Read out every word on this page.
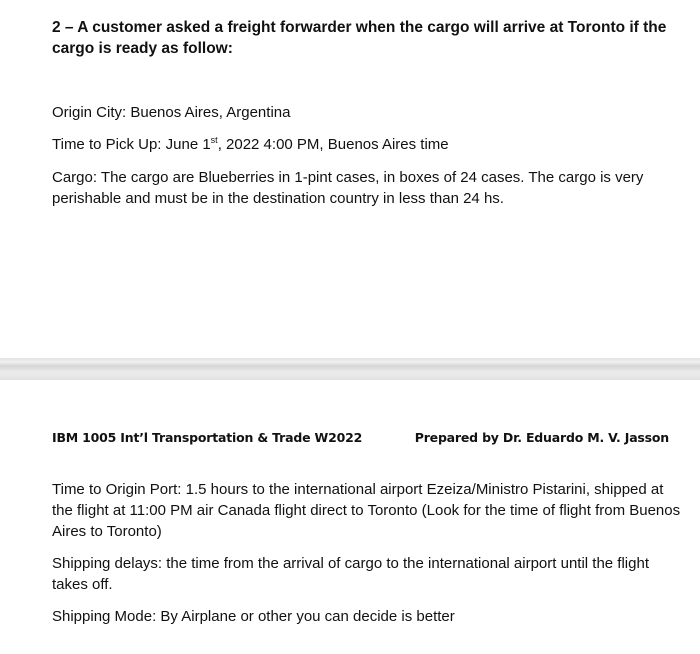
2 – A customer asked a freight forwarder when the cargo will arrive at Toronto if the cargo is ready as follow:
Origin City: Buenos Aires, Argentina
Time to Pick Up: June 1st, 2022 4:00 PM, Buenos Aires time
Cargo: The cargo are Blueberries in 1-pint cases, in boxes of 24 cases. The cargo is very perishable and must be in the destination country in less than 24 hs.
IBM 1005 Int’l Transportation & Trade W2022	Prepared by Dr. Eduardo M. V. Jasson
Time to Origin Port: 1.5 hours to the international airport Ezeiza/Ministro Pistarini, shipped at the flight at 11:00 PM air Canada flight direct to Toronto (Look for the time of flight from Buenos Aires to Toronto)
Shipping delays: the time from the arrival of cargo to the international airport until the flight takes off.
Shipping Mode: By Airplane or other you can decide is better
